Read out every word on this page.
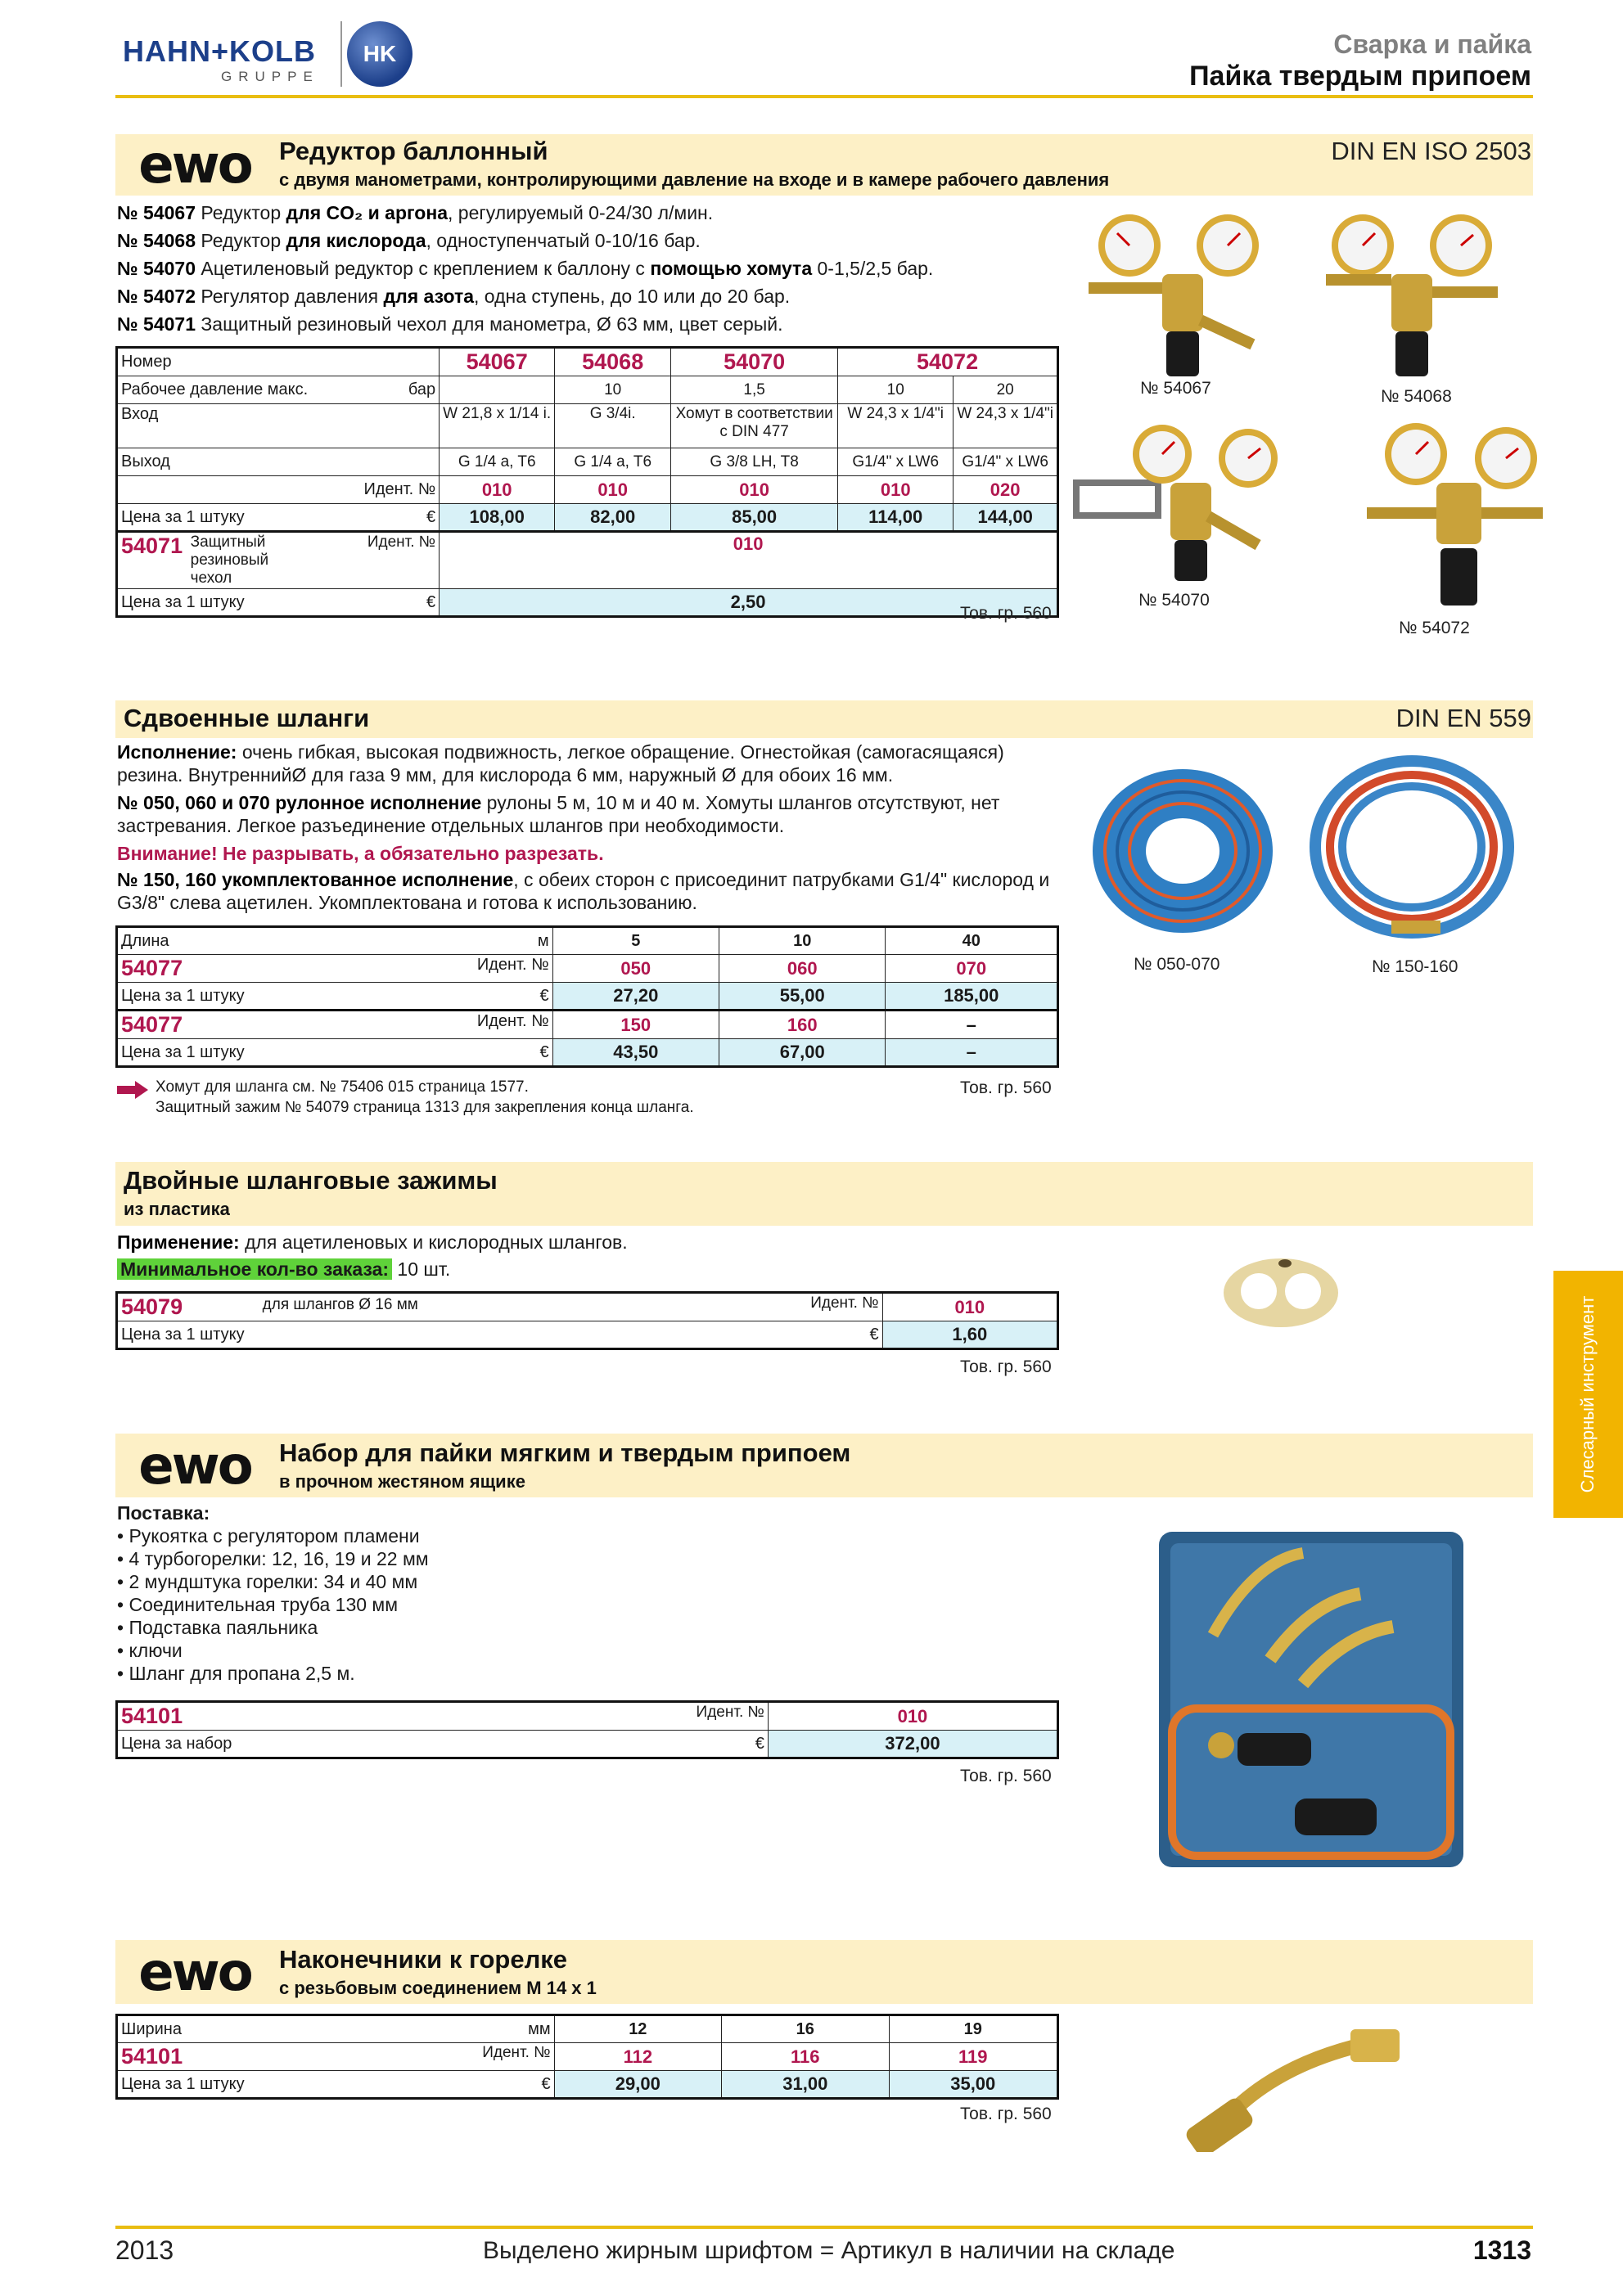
HAHN+KOLB
GRUPPE
HK	Сварка и пайка
Пайка твердым припоем
ewo	Редуктор баллонный
с двумя манометрами, контролирующими давление на входе и в камере рабочего давления
DIN EN ISO 2503
№ 54067 Редуктор для CO₂ и аргона, регулируемый 0-24/30 л/мин.
№ 54068 Редуктор для кислорода, одноступенчатый 0-10/16 бар.
№ 54070 Ацетиленовый редуктор с креплением к баллону с помощью хомута 0-1,5/2,5 бар.
№ 54072 Регулятор давления для азота, одна ступень, до 10 или до 20 бар.
№ 54071 Защитный резиновый чехол для манометра, Ø 63 мм, цвет серый.
Номер	54067	54068	54070	54072	
Рабочее давление макс. бар		10	1,5	10	20
Вход	W 21,8 x 1/14 i.	G 3/4i.	Хомут в соответствии с DIN 477	W 24,3 x 1/4"i	W 24,3 x 1/4"i
Выход	G 1/4 a, T6	G 1/4 a, T6	G 3/8 LH, T8	G1/4" x LW6	G1/4" x LW6
Идент. №	010	010	010	010	020
Цена за 1 штуку €	108,00	82,00	85,00	114,00	144,00
54071 Защитный резиновый чехол
Идент. №	010				
Цена за 1 штуку €	2,50				
Тов. гр. 560
№ 54067	№ 54068
№ 54070
№ 54072
Сдвоенные шланги	DIN EN 559
Исполнение: очень гибкая, высокая подвижность, легкое обращение. Огнестойкая (самогасящаяся) резина. ВнутреннийØ для газа 9 мм, для кислорода 6 мм, наружный Ø для обоих 16 мм.
№ 050, 060 и 070 рулонное исполнение рулоны 5 м, 10 м и 40 м. Хомуты шлангов отсутствуют, нет застревания. Легкое разъединение отдельных шлангов при необходимости.
Внимание! Не разрывать, а обязательно разрезать.
№ 150, 160 укомплектованное исполнение, с обеих сторон с присоединит патрубками G1/4" кислород и G3/8" слева ацетилен. Укомплектована и готова к использованию.
Длина м	5	10	40
54077 Идент. №	050	060	070
Цена за 1 штуку €	27,20	55,00	185,00
54077 Идент. №	150	160	–
Цена за 1 штуку €	43,50	67,00	–
Хомут для шланга см. № 75406 015 страница 1577.
Защитный зажим № 54079 страница 1313 для закрепления конца шланга.
Тов. гр. 560
№ 050-070	№ 150-160
Двойные шланговые зажимы
из пластика
Применение: для ацетиленовых и кислородных шлангов.
Минимальное кол-во заказа: 10 шт.
54079 для шлангов Ø 16 мм Идент. №	010
Цена за 1 штуку €	1,60
Тов. гр. 560	Слесарный инструмент
ewo	Набор для пайки мягким и твердым припоем
в прочном жестяном ящике
Поставка:
• Рукоятка с регулятором пламени
• 4 турбогорелки: 12, 16, 19 и 22 мм
• 2 мундштука горелки: 34 и 40 мм
• Соединительная труба 130 мм
• Подставка паяльника
• ключи
• Шланг для пропана 2,5 м.
54101 Идент. №	010
Цена за набор €	372,00
Тов. гр. 560
ewo	Наконечники к горелке
с резьбовым соединением M 14 x 1
Ширина мм	12	16	19
54101 Идент. №	112	116	119
Цена за 1 штуку €	29,00	31,00	35,00
Тов. гр. 560
2013	Выделено жирным шрифтом = Артикул в наличии на складе	1313
